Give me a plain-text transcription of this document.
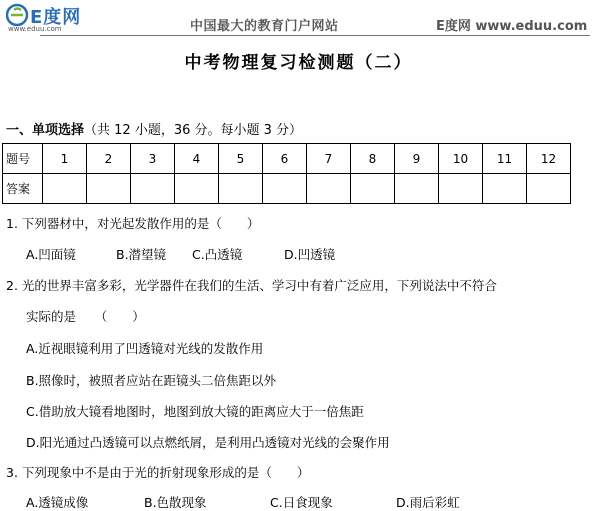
E度网
www.eduu.com	中国最大的教育门户网站	E度网 www.eduu.com
中考物理复习检测题（二）
一、单项选择（共 12 小题，36 分。每小题 3 分）
题号	1	2	3	4	5	6	7	8	9	10	11	12
答案												
1. 下列器材中，对光起发散作用的是（　　）
A.凹面镜	B.潜望镜 C.凸透镜	D.凹透镜
2. 光的世界丰富多彩，光学器件在我们的生活、学习中有着广泛应用，下列说法中不符合
实际的是　　（　　）
A.近视眼镜利用了凹透镜对光线的发散作用
B.照像时，被照者应站在距镜头二倍焦距以外
C.借助放大镜看地图时，地图到放大镜的距离应大于一倍焦距
D.阳光通过凸透镜可以点燃纸屑，是利用凸透镜对光线的会聚作用
3. 下列现象中不是由于光的折射现象形成的是（　　）
A.透镜成像	B.色散现象	C.日食现象	D.雨后彩虹
